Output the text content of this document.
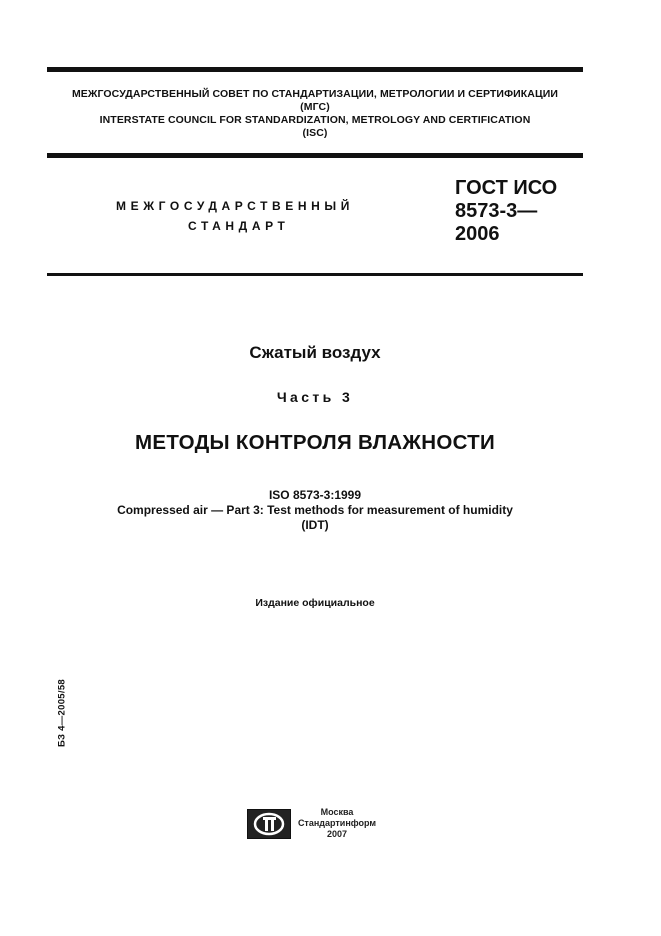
МЕЖГОСУДАРСТВЕННЫЙ СОВЕТ ПО СТАНДАРТИЗАЦИИ, МЕТРОЛОГИИ И СЕРТИФИКАЦИИ
(МГС)
INTERSTATE COUNCIL FOR STANDARDIZATION, METROLOGY AND CERTIFICATION
(ISC)
МЕЖГОСУДАРСТВЕННЫЙ
СТАНДАРТ
ГОСТ ИСО
8573-3—
2006
Сжатый воздух
Часть 3
МЕТОДЫ КОНТРОЛЯ ВЛАЖНОСТИ
ISO 8573-3:1999
Compressed air — Part 3: Test methods for measurement of humidity
(IDT)
Издание официальное
БЗ 4—2005/58
Москва
Стандартинформ
2007
